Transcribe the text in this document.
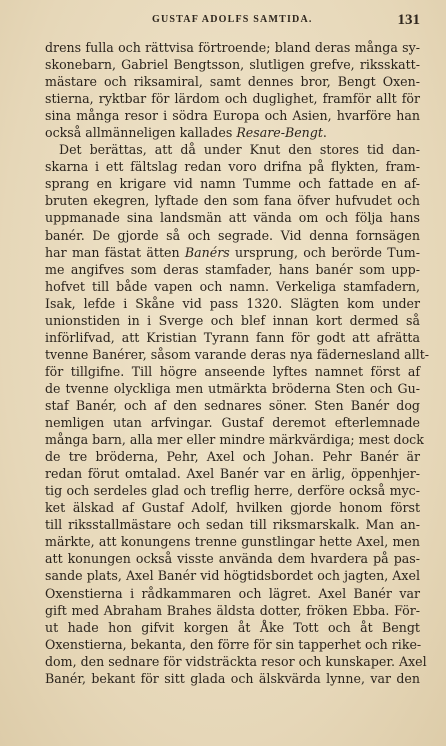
GUSTAF ADOLFS SAMTIDA.	131
drens fulla och rättvisa förtroende; bland deras många sy-
skonebarn, Gabriel Bengtsson, slutligen grefve, riksskatt-
mästare och riksamiral, samt dennes bror, Bengt Oxen-
stierna, ryktbar för lärdom och duglighet, framför allt för
sina många resor i södra Europa och Asien, hvarföre han
också allmänneligen kallades Resare-Bengt.
Det berättas, att då under Knut den stores tid dan-
skarna i ett fältslag redan voro drifna på flykten, fram-
sprang en krigare vid namn Tumme och fattade en af-
bruten ekegren, lyftade den som fana öfver hufvudet och
uppmanade sina landsmän att vända om och följa hans
banér. De gjorde så och segrade. Vid denna fornsägen
har man fästat ätten Banérs ursprung, och berörde Tum-
me angifves som deras stamfader, hans banér som upp-
hofvet till både vapen och namn. Verkeliga stamfadern,
Isak, lefde i Skåne vid pass 1320. Slägten kom under
unionstiden in i Sverge och blef innan kort dermed så
införlifvad, att Kristian Tyrann fann för godt att afrätta
tvenne Banérer, såsom varande deras nya fädernesland allt-
för tillgifne. Till högre anseende lyftes namnet först af
de tvenne olyckliga men utmärkta bröderna Sten och Gu-
staf Banér, och af den sednares söner. Sten Banér dog
nemligen utan arfvingar. Gustaf deremot efterlemnade
många barn, alla mer eller mindre märkvärdiga; mest dock
de tre bröderna, Pehr, Axel och Johan. Pehr Banér är
redan förut omtalad. Axel Banér var en ärlig, öppenhjer-
tig och serdeles glad och treflig herre, derföre också myc-
ket älskad af Gustaf Adolf, hvilken gjorde honom först
till riksstallmästare och sedan till riksmarskalk. Man an-
märkte, att konungens trenne gunstlingar hette Axel, men
att konungen också visste använda dem hvardera på pas-
sande plats, Axel Banér vid högtidsbordet och jagten, Axel
Oxenstierna i rådkammaren och lägret. Axel Banér var
gift med Abraham Brahes äldsta dotter, fröken Ebba. För-
ut hade hon gifvit korgen åt Åke Tott och åt Bengt
Oxenstierna, bekanta, den förre för sin tapperhet och rike-
dom, den sednare för vidsträckta resor och kunskaper. Axel
Banér, bekant för sitt glada och älskvärda lynne, var den
